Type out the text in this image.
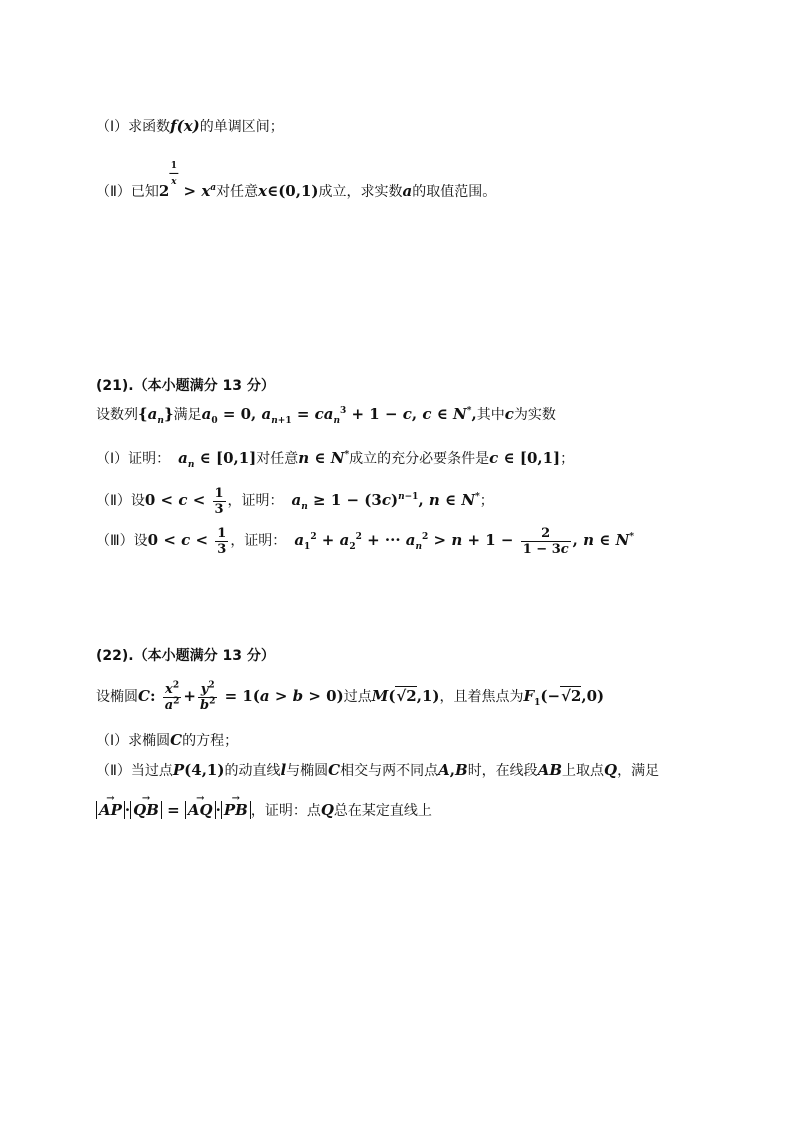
（Ⅰ）求函数f(x)的单调区间；
（Ⅱ）已知$2^{1 ― x} > x^a$对任意x∈(0,1)成立，求实数a的取值范围。
(21).（本小题满分 13 分）
设数列$\{a_n\}$满足$a_0 = 0$, $a_{n+1} = ca_n^3 + 1 - c$, c ∈ N*,其中c为实数
（Ⅰ）证明： $a_n$ ∈ [0,1]对任意n ∈ N*成立的充分必要条件是c ∈ [0,1]；
（Ⅱ）设$0 < c < \frac{1}{3}$ ，证明： $a_n \ge 1 - (3c)^{n-1}$, n ∈ N*；
（Ⅲ）设$0 < c < \frac{1}{3}$ ，证明： $a_1^2 + a_2^2$ + ··· $a_n^2 > n + 1 - \frac{2}{1 - 3c}$ , n ∈ N*
(22).（本小题满分 13 分）
设椭圆C: $\frac{x^2}{a^2} + \frac{y^2}{b^2} = 1(a > b > 0)$过点M(√2,1)，且着焦点为$F_1(-√2,0)$
（Ⅰ）求椭圆C的方程；
（Ⅱ）当过点P(4,1)的动直线l与椭圆C相交与两不同点A,B时，在线段AB上取点Q，满足
→ AP · → QB = → AQ · → PB ，证明：点Q总在某定直线上
